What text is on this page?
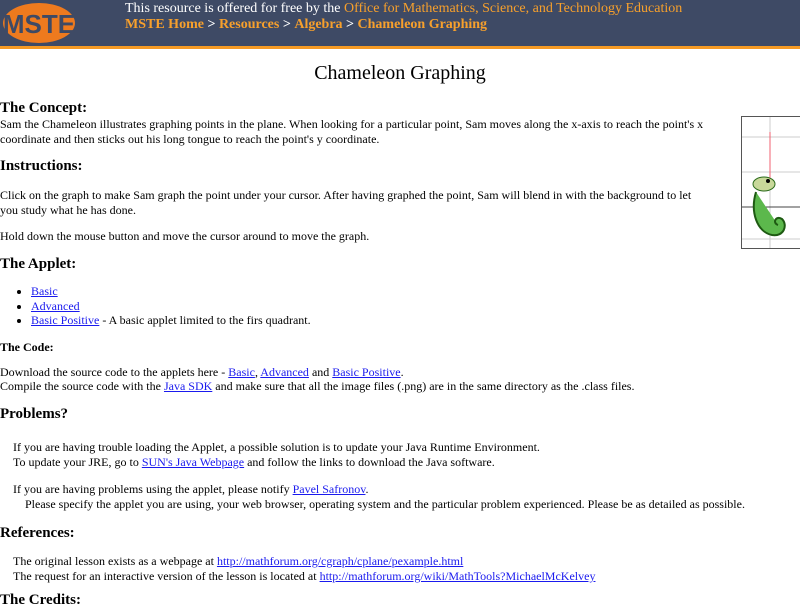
MSTE
This resource is offered for free by the Office for Mathematics, Science, and Technology Education
MSTE Home > Resources > Algebra > Chameleon Graphing
Chameleon Graphing
The Concept:
Sam the Chameleon illustrates graphing points in the plane. When looking for a particular point, Sam moves along the x-axis to reach the point's x
coordinate and then sticks out his long tongue to reach the point's y coordinate.
Instructions:
Click on the graph to make Sam graph the point under your cursor. After having graphed the point, Sam will blend in with the background to let
you study what he has done.
Hold down the mouse button and move the cursor around to move the graph.
The Applet:
• Basic
• Advanced
• Basic Positive - A basic applet limited to the firs quadrant.
The Code:
Download the source code to the applets here - Basic, Advanced and Basic Positive.
Compile the source code with the Java SDK and make sure that all the image files (.png) are in the same directory as the .class files.
Problems?
If you are having trouble loading the Applet, a possible solution is to update your Java Runtime Environment.
To update your JRE, go to SUN's Java Webpage and follow the links to download the Java software.
If you are having problems using the applet, please notify Pavel Safronov.
Please specify the applet you are using, your web browser, operating system and the particular problem experienced. Please be as detailed as possible.
References:
The original lesson exists as a webpage at http://mathforum.org/cgraph/cplane/pexample.html
The request for an interactive version of the lesson is located at http://mathforum.org/wiki/MathTools?MichaelMcKelvey
The Credits:
